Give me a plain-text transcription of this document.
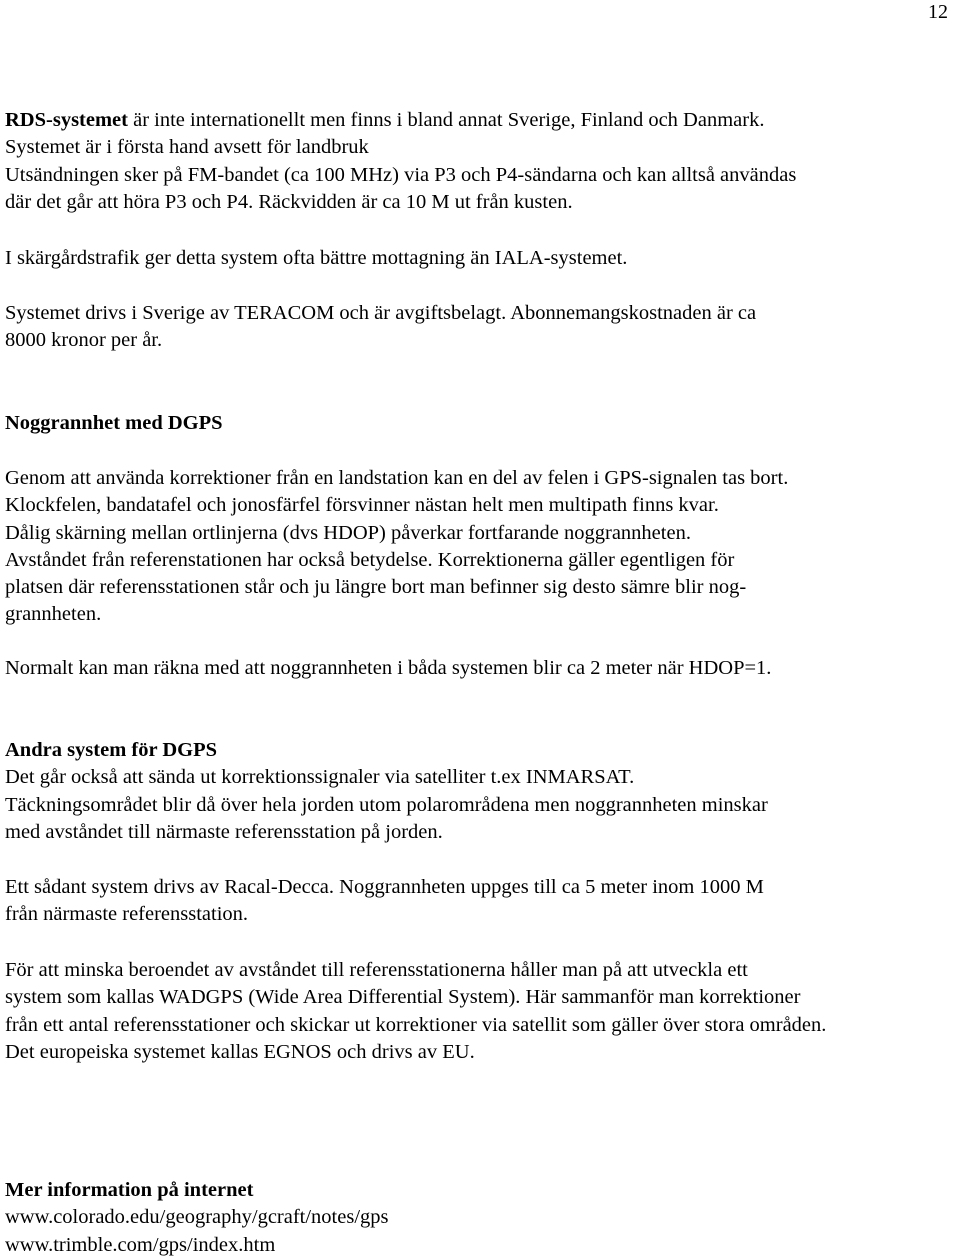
12
RDS-systemet är inte internationellt men finns i bland annat Sverige, Finland och Danmark.
Systemet är i första hand avsett för landbruk
Utsändningen sker på FM-bandet (ca 100 MHz) via P3 och P4-sändarna och kan alltså användas
där det går att höra P3 och P4. Räckvidden är ca 10 M ut från kusten.
I skärgårdstrafik ger detta system ofta bättre mottagning än IALA-systemet.
Systemet drivs i Sverige av TERACOM och är avgiftsbelagt. Abonnemangskostnaden är ca
8000 kronor per år.
Noggrannhet med DGPS
Genom att använda korrektioner från en landstation kan en del av felen i GPS-signalen tas bort.
Klockfelen, bandatafel och jonosfärfel försvinner nästan helt men multipath finns kvar.
Dålig skärning mellan ortlinjerna (dvs HDOP) påverkar fortfarande noggrannheten.
Avståndet från referenstationen har också betydelse. Korrektionerna gäller egentligen för
platsen där referensstationen står och ju längre bort man befinner sig desto sämre blir nog-
grannheten.
Normalt kan man räkna med att noggrannheten i båda systemen blir ca 2 meter när HDOP=1.
Andra system för DGPS
Det går också att sända ut korrektionssignaler via satelliter t.ex INMARSAT.
Täckningsområdet blir då över hela jorden utom polarområdena men noggrannheten minskar
med avståndet till närmaste referensstation på jorden.
Ett sådant system drivs av Racal-Decca. Noggrannheten uppges till ca 5 meter inom 1000 M
från närmaste referensstation.
För att minska beroendet av avståndet till referensstationerna håller man på att utveckla ett
system som kallas WADGPS (Wide Area Differential System). Här sammanför man korrektioner
från ett antal referensstationer och skickar ut korrektioner via satellit som gäller över stora områden.
Det europeiska systemet kallas EGNOS och drivs av EU.
Mer information på internet
www.colorado.edu/geography/gcraft/notes/gps
www.trimble.com/gps/index.htm
